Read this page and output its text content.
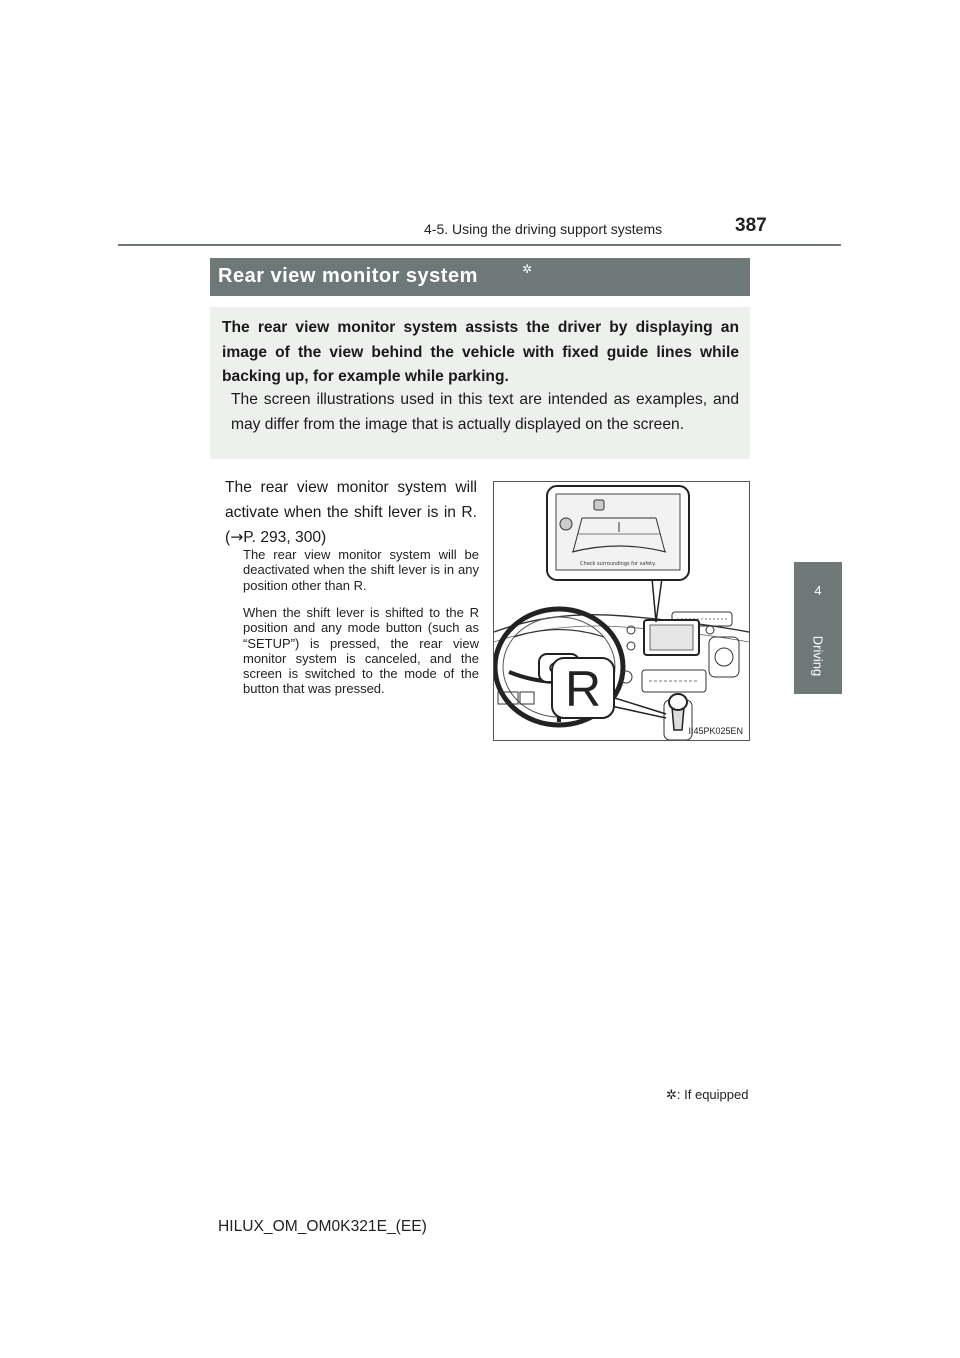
4-5. Using the driving support systems	387
4
Driving
Rear view monitor system	✲
The rear view monitor system assists the driver by displaying an image of the view behind the vehicle with fixed guide lines while backing up, for example while parking.
The screen illustrations used in this text are intended as examples, and may differ from the image that is actually displayed on the screen.
The rear view monitor system will activate when the shift lever is in R. (→P. 293, 300)
The rear view monitor system will be deactivated when the shift lever is in any position other than R.
When the shift lever is shifted to the R position and any mode button (such as “SETUP”) is pressed, the rear view monitor system is canceled, and the screen is switched to the mode of the button that was pressed.
Check surroundings for safety.
R
II45PK025EN
✲: If equipped
HILUX_OM_OM0K321E_(EE)
